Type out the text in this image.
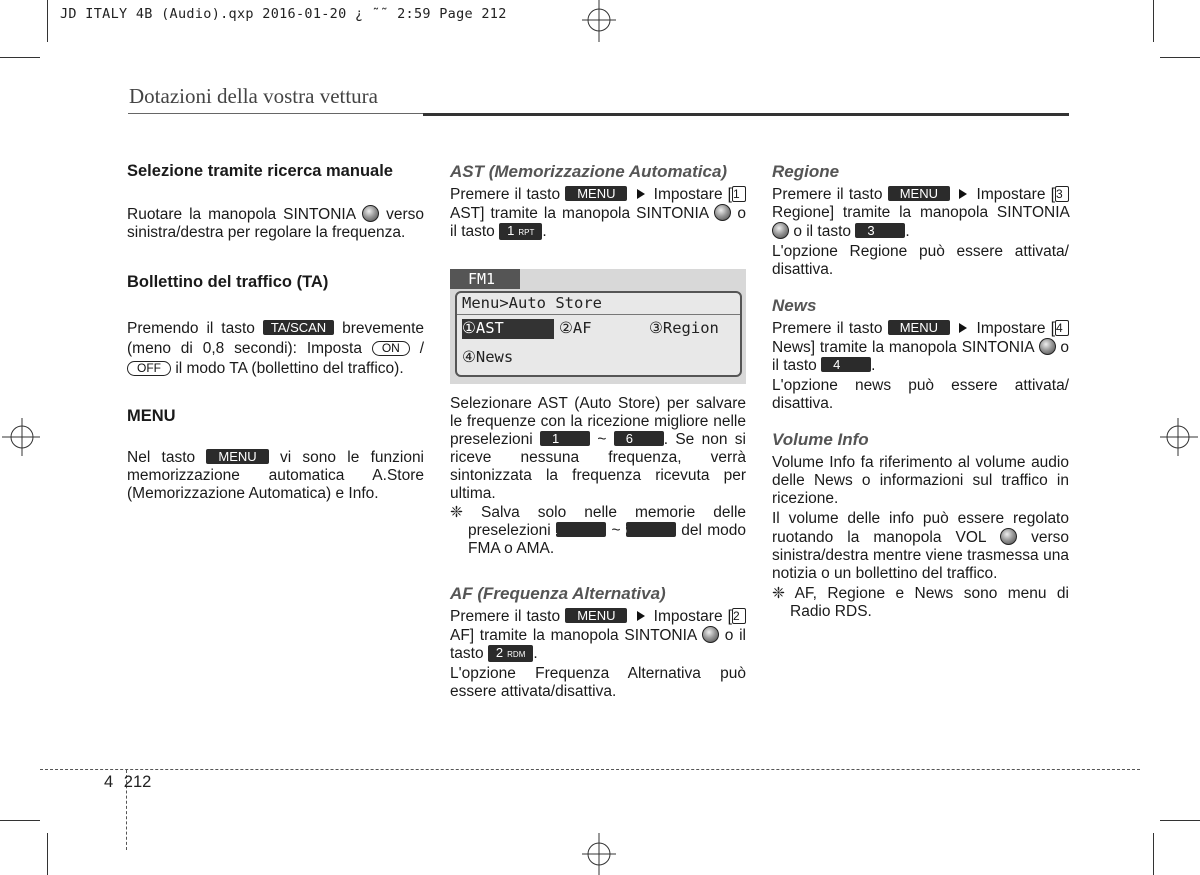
JD ITALY 4B (Audio).qxp 2016-01-20 ¿ ˜˜ 2:59 Page 212
Dotazioni della vostra vettura

Selezione tramite ricerca manuale

Ruotare la manopola SINTONIA verso sinistra/destra per regolare la frequenza.

Bollettino del traffico (TA)

Premendo il tasto TA/SCAN brevemente (meno di 0,8 secondi): Imposta ON /OFF il modo TA (bollettino del traffico).

MENU

Nel tasto MENU vi sono le funzioni memorizzazione automatica A.Store (Memorizzazione Automatica) e Info.

AST (Memorizzazione Automatica)

Premere il tasto MENU Impostare [1AST] tramite la manopola SINTONIA o il tasto 1 RPT .

FM1
Menu>Auto Store
①AST	②AF	③Region
④News

Selezionare AST (Auto Store) per salvare le frequenze con la ricezione migliore nelle preselezioni 1 ~ 6 . Se non si riceve nessuna frequenza, verrà sintonizzata la frequenza ricevuta per ultima.

❈ Salva solo nelle memorie delle preselezioni 1	~ 6	del modo FMA o AMA.

AF (Frequenza Alternativa)

Premere il tasto MENU Impostare [2AF] tramite la manopola SINTONIA o il tasto 2 RDM .

L'opzione Frequenza Alternativa può essere attivata/disattiva.

Regione

Premere il tasto MENU Impostare [3Regione] tramite la manopola SINTONIA  o il tasto 3 .

L'opzione Regione può essere attivata/ disattiva.

News

Premere il tasto MENU Impostare [4News] tramite la manopola SINTONIA o il tasto 4 .

L'opzione news può essere attivata/ disattiva.

Volume Info

Volume Info fa riferimento al volume audio delle News o informazioni sul traffico in ricezione.

Il volume delle info può essere regolato ruotando la manopola VOL	verso sinistra/destra mentre viene trasmessa una notizia o un bollettino del traffico.

❈ AF, Regione e News sono menu di Radio RDS.

4 212
